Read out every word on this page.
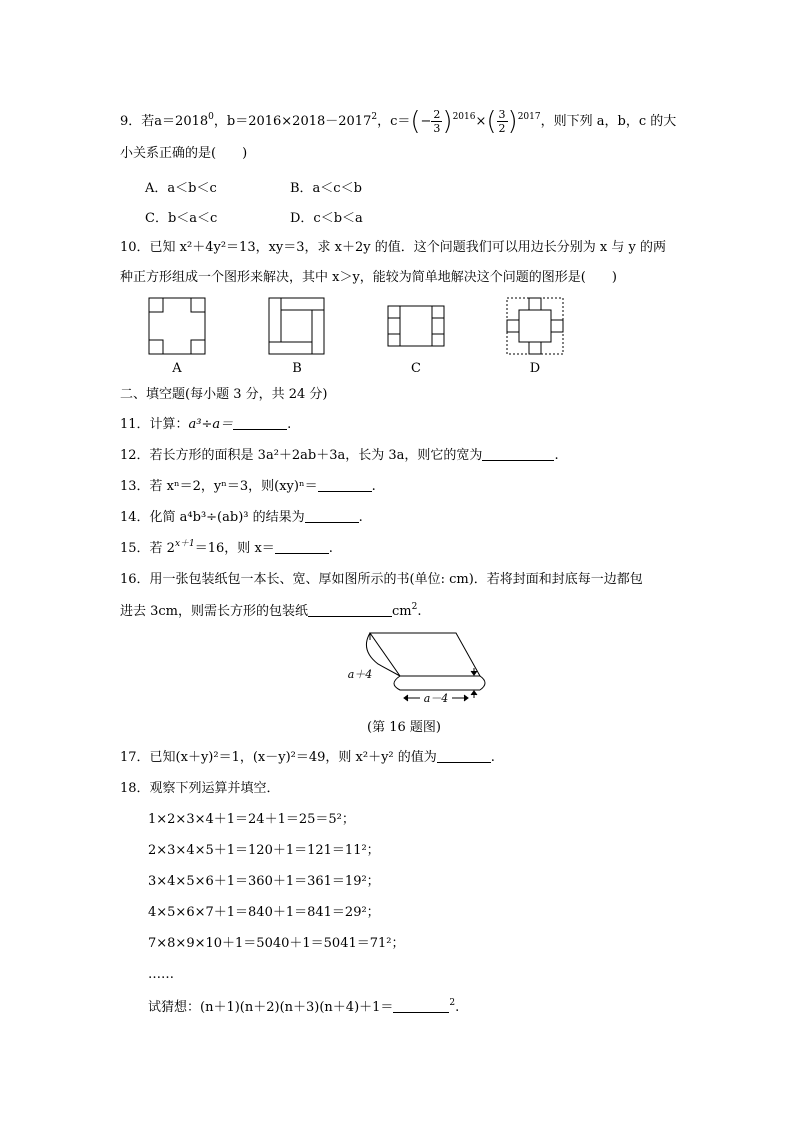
9．若$a=2018^0$，$b=2016\times 2018-2017^2$，$c=(- \frac{2}{3} )^{2016}\times( \frac{3}{2} )^{2017}$，则下列 a，b，c 的大
小关系正确的是(　　)
A．a＜b＜c	B．a＜c＜b
C．b＜a＜c	D．c＜b＜a
10．已知 x²＋4y²＝13，xy＝3，求 x＋2y 的值．这个问题我们可以用边长分别为 x 与 y 的两
种正方形组成一个图形来解决，其中 x＞y，能较为简单地解决这个问题的图形是(　　)
A	B	C	D
二、填空题(每小题 3 分，共 24 分)
11．计算：a³÷a＝	.
12．若长方形的面积是 3a²＋2ab＋3a，长为 3a，则它的宽为	.
13．若 xⁿ＝2，yⁿ＝3，则(xy)ⁿ＝	.
14．化简 a⁴b³÷(ab)³ 的结果为	.
15．若 $2^{x+1}=16$，则 x＝	.
16．用一张包装纸包一本长、宽、厚如图所示的书(单位: cm)．若将封面和封底每一边都包
进去 3cm，则需长方形的包装纸	$cm^2$.
a＋4
a－4
(第 16 题图)
17．已知(x＋y)²＝1，(x－y)²＝49，则 x²＋y² 的值为	.
18．观察下列运算并填空．
1×2×3×4＋1＝24＋1＝25＝5²；
2×3×4×5＋1＝120＋1＝121＝11²；
3×4×5×6＋1＝360＋1＝361＝19²；
4×5×6×7＋1＝840＋1＝841＝29²；
7×8×9×10＋1＝5040＋1＝5041＝71²；
……
试猜想：(n＋1)(n＋2)(n＋3)(n＋4)＋1＝	$^2$.
